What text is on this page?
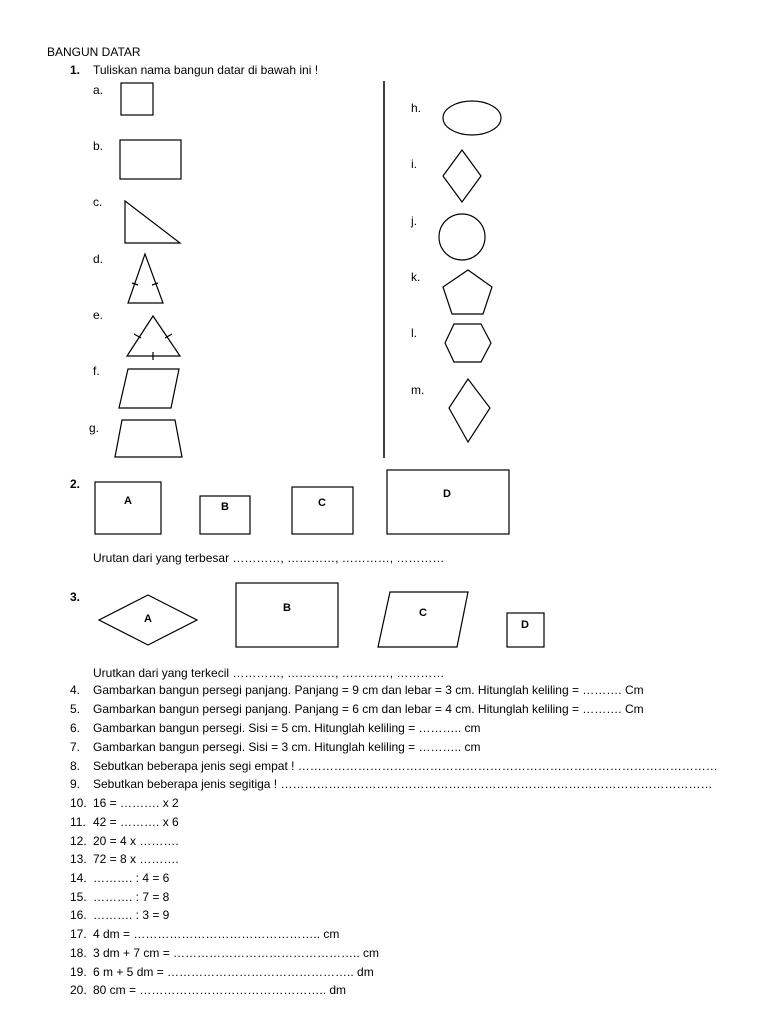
BANGUN DATAR
1. Tuliskan nama bangun datar di bawah ini !
a.
b.
c.
d.
e.
f.
g.
h.
i.
j.
k.
l.
m.
2.
A	B	C
D
Urutan dari yang terbesar …………, …………, …………, …………
3.
A
B	C
D
Urutkan dari yang terkecil …………, …………, …………, …………
4. Gambarkan bangun persegi panjang. Panjang = 9 cm dan lebar = 3 cm. Hitunglah keliling = ………. Cm
5. Gambarkan bangun persegi panjang. Panjang = 6 cm dan lebar = 4 cm. Hitunglah keliling = ………. Cm
6. Gambarkan bangun persegi. Sisi = 5 cm. Hitunglah keliling = ……….. cm
7. Gambarkan bangun persegi. Sisi = 3 cm. Hitunglah keliling = ……….. cm
8. Sebutkan beberapa jenis segi empat ! ……………………………………………………………………………………………
9. Sebutkan beberapa jenis segitiga ! ………………………………………………………………………………………………
10. 16 = ………. x 2
11. 42 = ………. x 6
12. 20 = 4 x ……….
13. 72 = 8 x ……….
14. ………. : 4 = 6
15. ………. : 7 = 8
16. ………. : 3 = 9
17. 4 dm = ……………………………………….. cm
18. 3 dm + 7 cm = ……………………………………….. cm
19. 6 m + 5 dm = ……………………………………….. dm
20. 80 cm = ……………………………………….. dm
